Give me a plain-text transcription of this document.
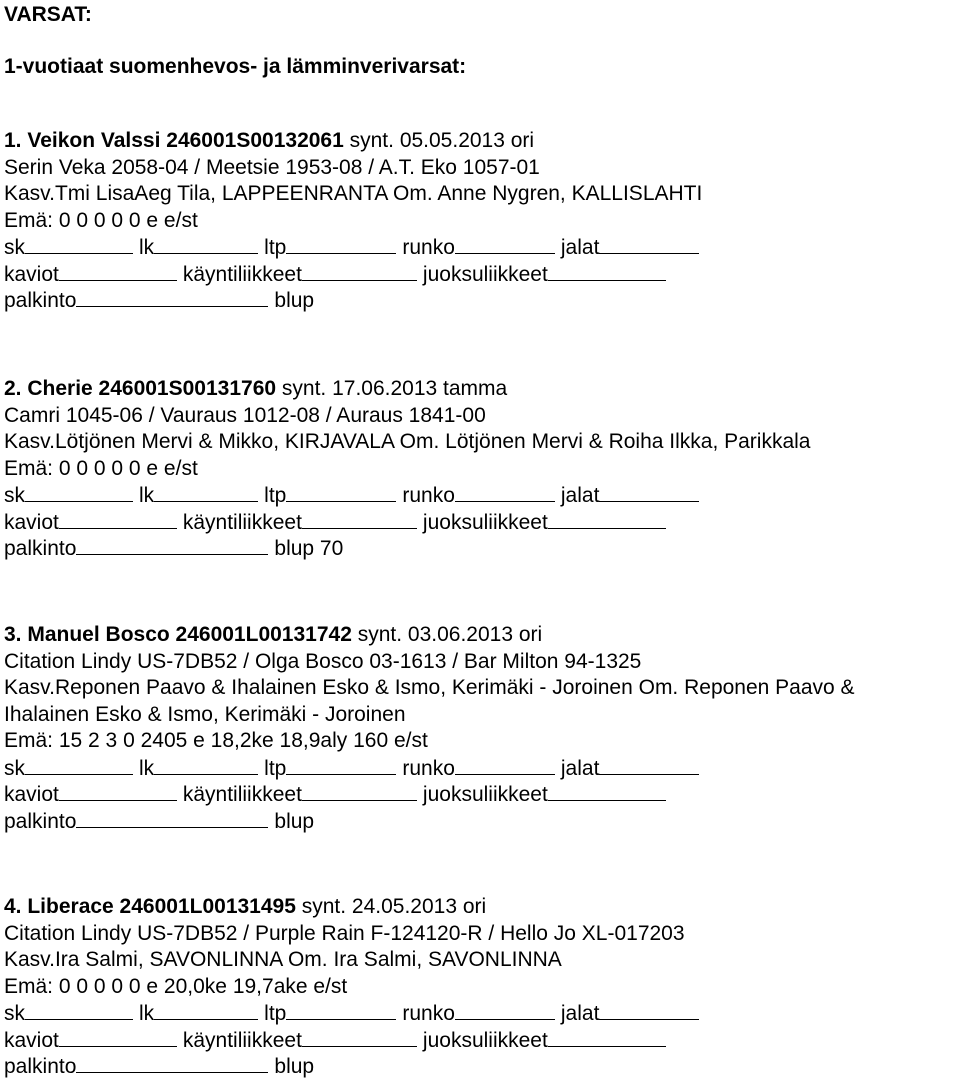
VARSAT:
1-vuotiaat suomenhevos- ja lämminverivarsat:
1. Veikon Valssi 246001S00132061 synt. 05.05.2013 ori
Serin Veka 2058-04 / Meetsie 1953-08 / A.T. Eko 1057-01
Kasv.Tmi LisaAeg Tila, LAPPEENRANTA Om. Anne Nygren, KALLISLAHTI
Emä: 0 0 0 0 0 e e/st
sk	lk	ltp	runko	jalat
kaviot	käyntiliikkeet	juoksuliikkeet
palkinto	blup
2. Cherie 246001S00131760 synt. 17.06.2013 tamma
Camri 1045-06 / Vauraus 1012-08 / Auraus 1841-00
Kasv.Lötjönen Mervi & Mikko, KIRJAVALA Om. Lötjönen Mervi & Roiha Ilkka, Parikkala
Emä: 0 0 0 0 0 e e/st
sk	lk	ltp	runko	jalat
kaviot	käyntiliikkeet	juoksuliikkeet
palkinto	blup 70
3. Manuel Bosco 246001L00131742 synt. 03.06.2013 ori
Citation Lindy US-7DB52 / Olga Bosco 03-1613 / Bar Milton 94-1325
Kasv.Reponen Paavo & Ihalainen Esko & Ismo, Kerimäki - Joroinen Om. Reponen Paavo &
Ihalainen Esko & Ismo, Kerimäki - Joroinen
Emä: 15 2 3 0 2405 e 18,2ke 18,9aly 160 e/st
sk	lk	ltp	runko	jalat
kaviot	käyntiliikkeet	juoksuliikkeet
palkinto	blup
4. Liberace 246001L00131495 synt. 24.05.2013 ori
Citation Lindy US-7DB52 / Purple Rain F-124120-R / Hello Jo XL-017203
Kasv.Ira Salmi, SAVONLINNA Om. Ira Salmi, SAVONLINNA
Emä: 0 0 0 0 0 e 20,0ke 19,7ake e/st
sk	lk	ltp	runko	jalat
kaviot	käyntiliikkeet	juoksuliikkeet
palkinto	blup
